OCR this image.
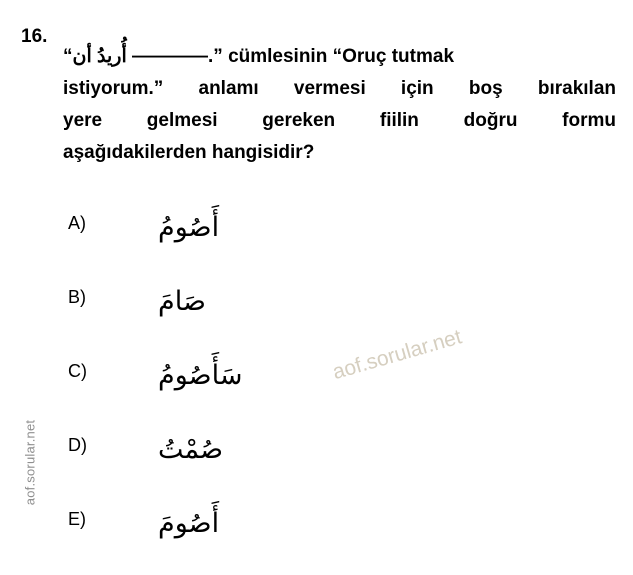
16.
“أُريدُ أن ————.” cümlesinin “Oruç tutmak
istiyorum.” anlamı vermesi için boş bırakılan
yere gelmesi gereken fiilin doğru formu
aşağıdakilerden hangisidir?
A)	أَصُومُ
B)	صَامَ
C)	سَأَصُومُ
D)	صُمْتُ
E)	أَصُومَ
aof.sorular.net
aof.sorular.net
